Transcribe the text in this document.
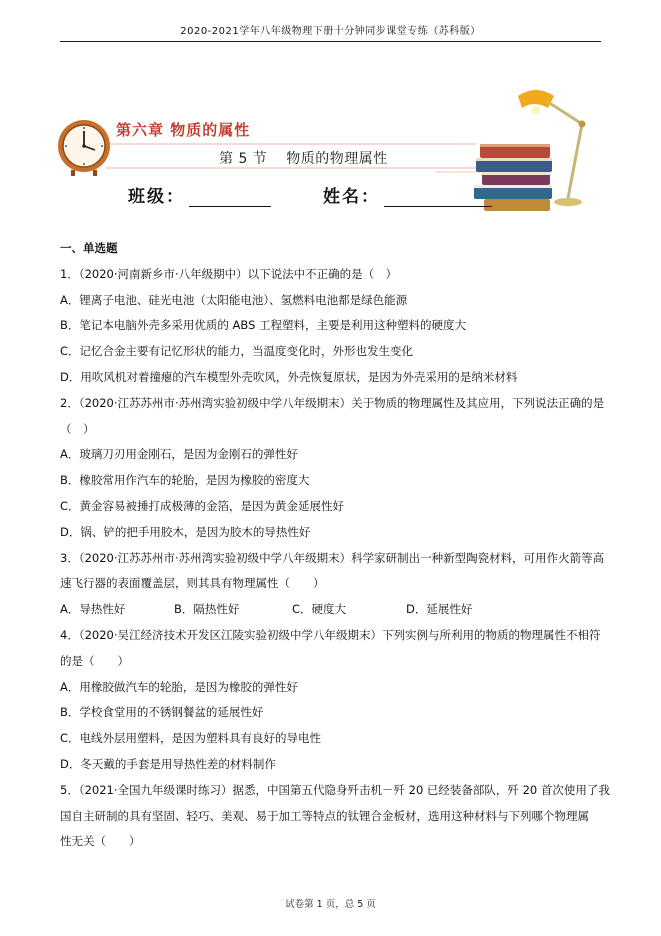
2020-2021学年八年级物理下册十分钟同步课堂专练（苏科版）
第六章 物质的属性
第 5 节 物质的物理属性
班级：	姓名：
一、单选题
1．（2020·河南新乡市·八年级期中）以下说法中不正确的是（　）
A．锂离子电池、硅光电池（太阳能电池）、氢燃料电池都是绿色能源
B．笔记本电脑外壳多采用优质的 ABS 工程塑料，主要是利用这种塑料的硬度大
C．记忆合金主要有记忆形状的能力，当温度变化时，外形也发生变化
D．用吹风机对着撞瘪的汽车模型外壳吹风，外壳恢复原状，是因为外壳采用的是纳米材料
2．（2020·江苏苏州市·苏州湾实验初级中学八年级期末）关于物质的物理属性及其应用，下列说法正确的是
（　）
A．玻璃刀刃用金刚石，是因为金刚石的弹性好
B．橡胶常用作汽车的轮胎，是因为橡胶的密度大
C．黄金容易被捶打成极薄的金箔，是因为黄金延展性好
D．锅、铲的把手用胶木，是因为胶木的导热性好
3．（2020·江苏苏州市·苏州湾实验初级中学八年级期末）科学家研制出一种新型陶瓷材料，可用作火箭等高
速飞行器的表面覆盖层，则其具有物理属性（　　）
A．导热性好	B．隔热性好	C．硬度大	D．延展性好
4．（2020·吴江经济技术开发区江陵实验初级中学八年级期末）下列实例与所利用的物质的物理属性不相符
的是（　　）
A．用橡胶做汽车的轮胎，是因为橡胶的弹性好
B．学校食堂用的不锈钢餐盆的延展性好
C．电线外层用塑料，是因为塑料具有良好的导电性
D．冬天戴的手套是用导热性差的材料制作
5．（2021·全国九年级课时练习）据悉，中国第五代隐身歼击机－歼 20 已经装备部队，歼 20 首次使用了我
国自主研制的具有坚固、轻巧、美观、易于加工等特点的钛锂合金板材，选用这种材料与下列哪个物理属
性无关（　　）
试卷第 1 页，总 5 页
